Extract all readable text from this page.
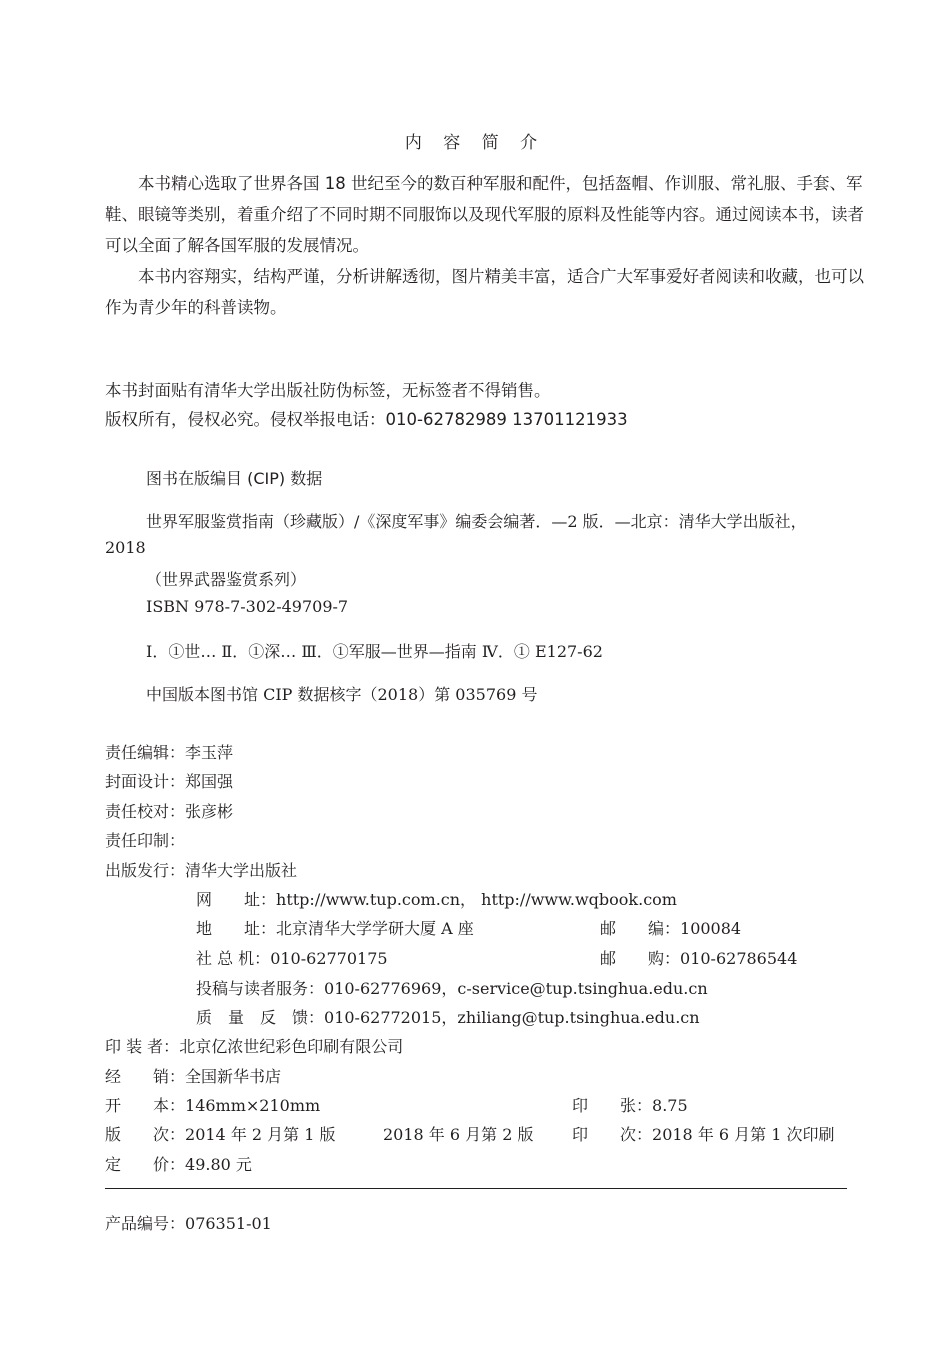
内 容 简 介

本书精心选取了世界各国 18 世纪至今的数百种军服和配件，包括盔帽、作训服、常礼服、手套、军鞋、眼镜等类别，着重介绍了不同时期不同服饰以及现代军服的原料及性能等内容。通过阅读本书，读者可以全面了解各国军服的发展情况。

本书内容翔实，结构严谨，分析讲解透彻，图片精美丰富，适合广大军事爱好者阅读和收藏，也可以作为青少年的科普读物。

本书封面贴有清华大学出版社防伪标签，无标签者不得销售。
版权所有，侵权必究。侵权举报电话：010-62782989 13701121933
图书在版编目 (CIP) 数据
世界军服鉴赏指南（珍藏版）/《深度军事》编委会编著．—2 版．—北京：清华大学出版社，
2018
（世界武器鉴赏系列）
ISBN 978-7-302-49709-7
Ⅰ．①世… Ⅱ．①深… Ⅲ．①军服—世界—指南 Ⅳ．① E127-62
中国版本图书馆 CIP 数据核字（2018）第 035769 号
责任编辑：李玉萍
封面设计：郑国强
责任校对：张彦彬
责任印制：
出版发行：清华大学出版社
网　　址：http://www.tup.com.cn， http://www.wqbook.com
地　　址：北京清华大学学研大厦 A 座	邮　　编：100084
社 总 机：010-62770175	邮　　购：010-62786544
投稿与读者服务：010-62776969，c-service@tup.tsinghua.edu.cn
质　量　反　馈：010-62772015，zhiliang@tup.tsinghua.edu.cn
印 装 者：北京亿浓世纪彩色印刷有限公司
经　　销：全国新华书店
开　　本：146mm×210mm	印　　张：8.75
版　　次：2014 年 2 月第 1 版	2018 年 6 月第 2 版 印　　次：2018 年 6 月第 1 次印刷
定　　价：49.80 元
产品编号：076351-01
